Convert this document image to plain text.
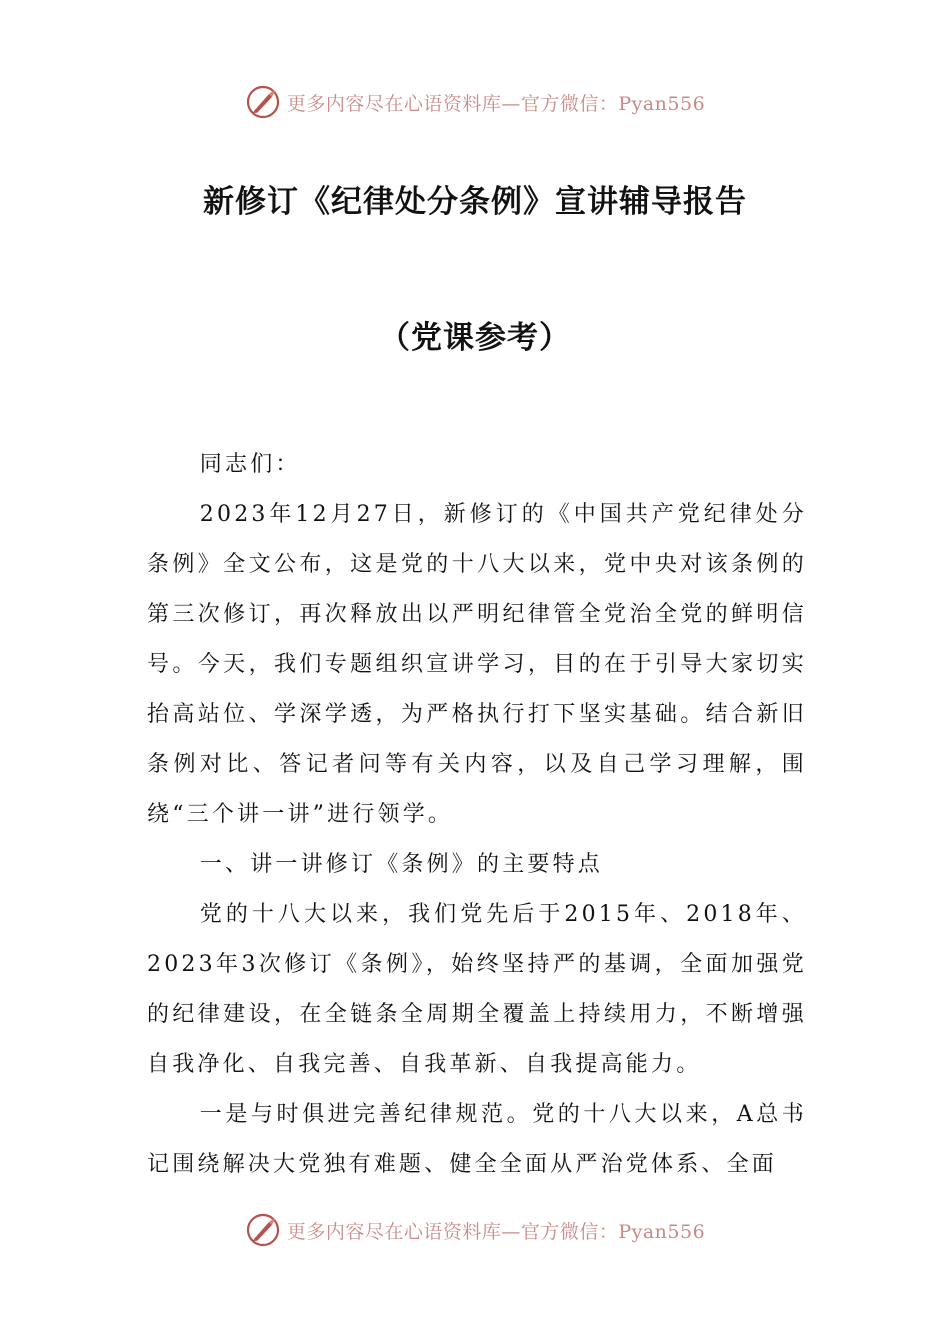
更多内容尽在心语资料库—官方微信：Pyan556
新修订《纪律处分条例》宣讲辅导报告
（党课参考）

同志们：

2023年12月27日，新修订的《中国共产党纪律处分条例》全文公布，这是党的十八大以来，党中央对该条例的第三次修订，再次释放出以严明纪律管全党治全党的鲜明信号。今天，我们专题组织宣讲学习，目的在于引导大家切实抬高站位、学深学透，为严格执行打下坚实基础。结合新旧条例对比、答记者问等有关内容，以及自己学习理解，围绕“三个讲一讲”进行领学。

一、讲一讲修订《条例》的主要特点

党的十八大以来，我们党先后于2015年、2018年、2023年3次修订《条例》，始终坚持严的基调，全面加强党的纪律建设，在全链条全周期全覆盖上持续用力，不断增强自我净化、自我完善、自我革新、自我提高能力。

一是与时俱进完善纪律规范。党的十八大以来，A总书记围绕解决大党独有难题、健全全面从严治党体系、全面

更多内容尽在心语资料库—官方微信：Pyan556
